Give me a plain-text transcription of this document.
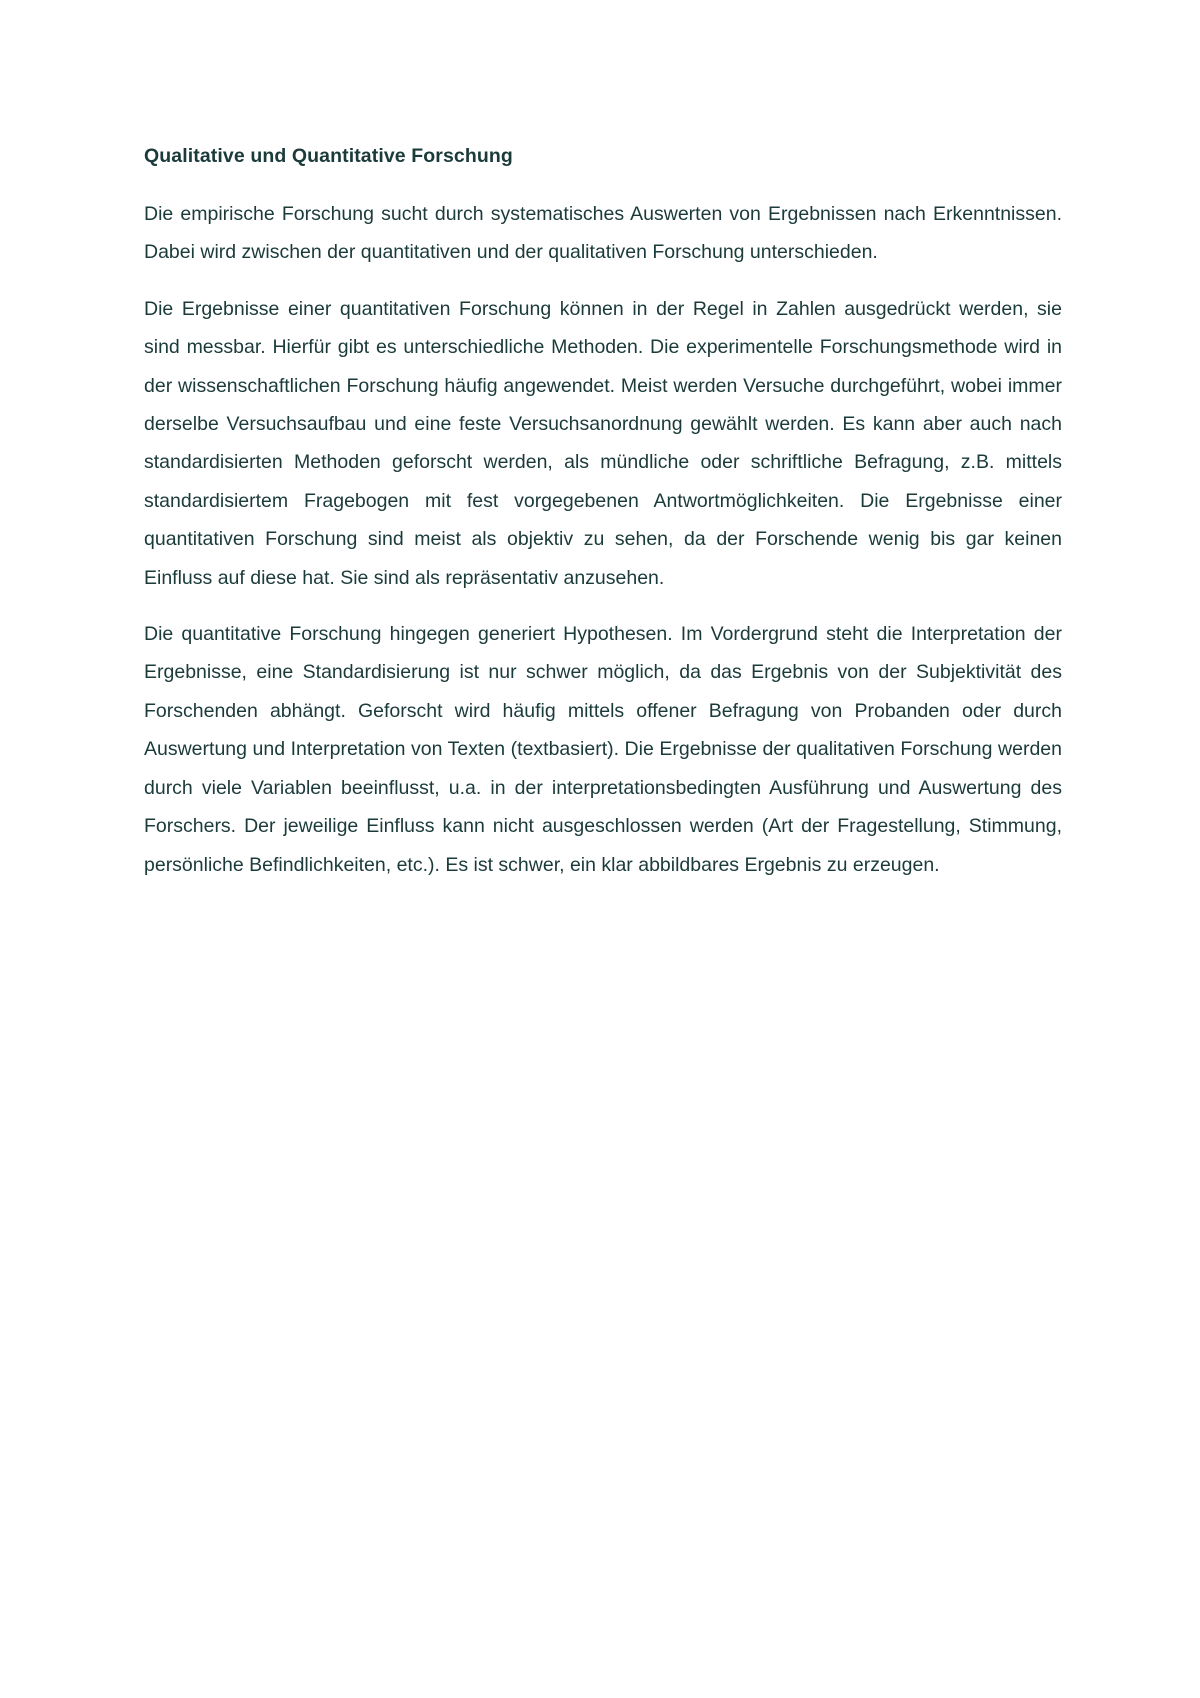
Qualitative und Quantitative Forschung

Die empirische Forschung sucht durch systematisches Auswerten von Ergebnissen nach Erkenntnissen. Dabei wird zwischen der quantitativen und der qualitativen Forschung unterschieden.

Die Ergebnisse einer quantitativen Forschung können in der Regel in Zahlen ausgedrückt werden, sie sind messbar. Hierfür gibt es unterschiedliche Methoden. Die experimentelle Forschungsmethode wird in der wissenschaftlichen Forschung häufig angewendet. Meist werden Versuche durchgeführt, wobei immer derselbe Versuchsaufbau und eine feste Versuchsanordnung gewählt werden. Es kann aber auch nach standardisierten Methoden geforscht werden, als mündliche oder schriftliche Befragung, z.B. mittels standardisiertem Fragebogen mit fest vorgegebenen Antwortmöglichkeiten. Die Ergebnisse einer quantitativen Forschung sind meist als objektiv zu sehen, da der Forschende wenig bis gar keinen Einfluss auf diese hat. Sie sind als repräsentativ anzusehen.

Die quantitative Forschung hingegen generiert Hypothesen. Im Vordergrund steht die Interpretation der Ergebnisse, eine Standardisierung ist nur schwer möglich, da das Ergebnis von der Subjektivität des Forschenden abhängt. Geforscht wird häufig mittels offener Befragung von Probanden oder durch Auswertung und Interpretation von Texten (textbasiert). Die Ergebnisse der qualitativen Forschung werden durch viele Variablen beeinflusst, u.a. in der interpretationsbedingten Ausführung und Auswertung des Forschers. Der jeweilige Einfluss kann nicht ausgeschlossen werden (Art der Fragestellung, Stimmung, persönliche Befindlichkeiten, etc.). Es ist schwer, ein klar abbildbares Ergebnis zu erzeugen.
